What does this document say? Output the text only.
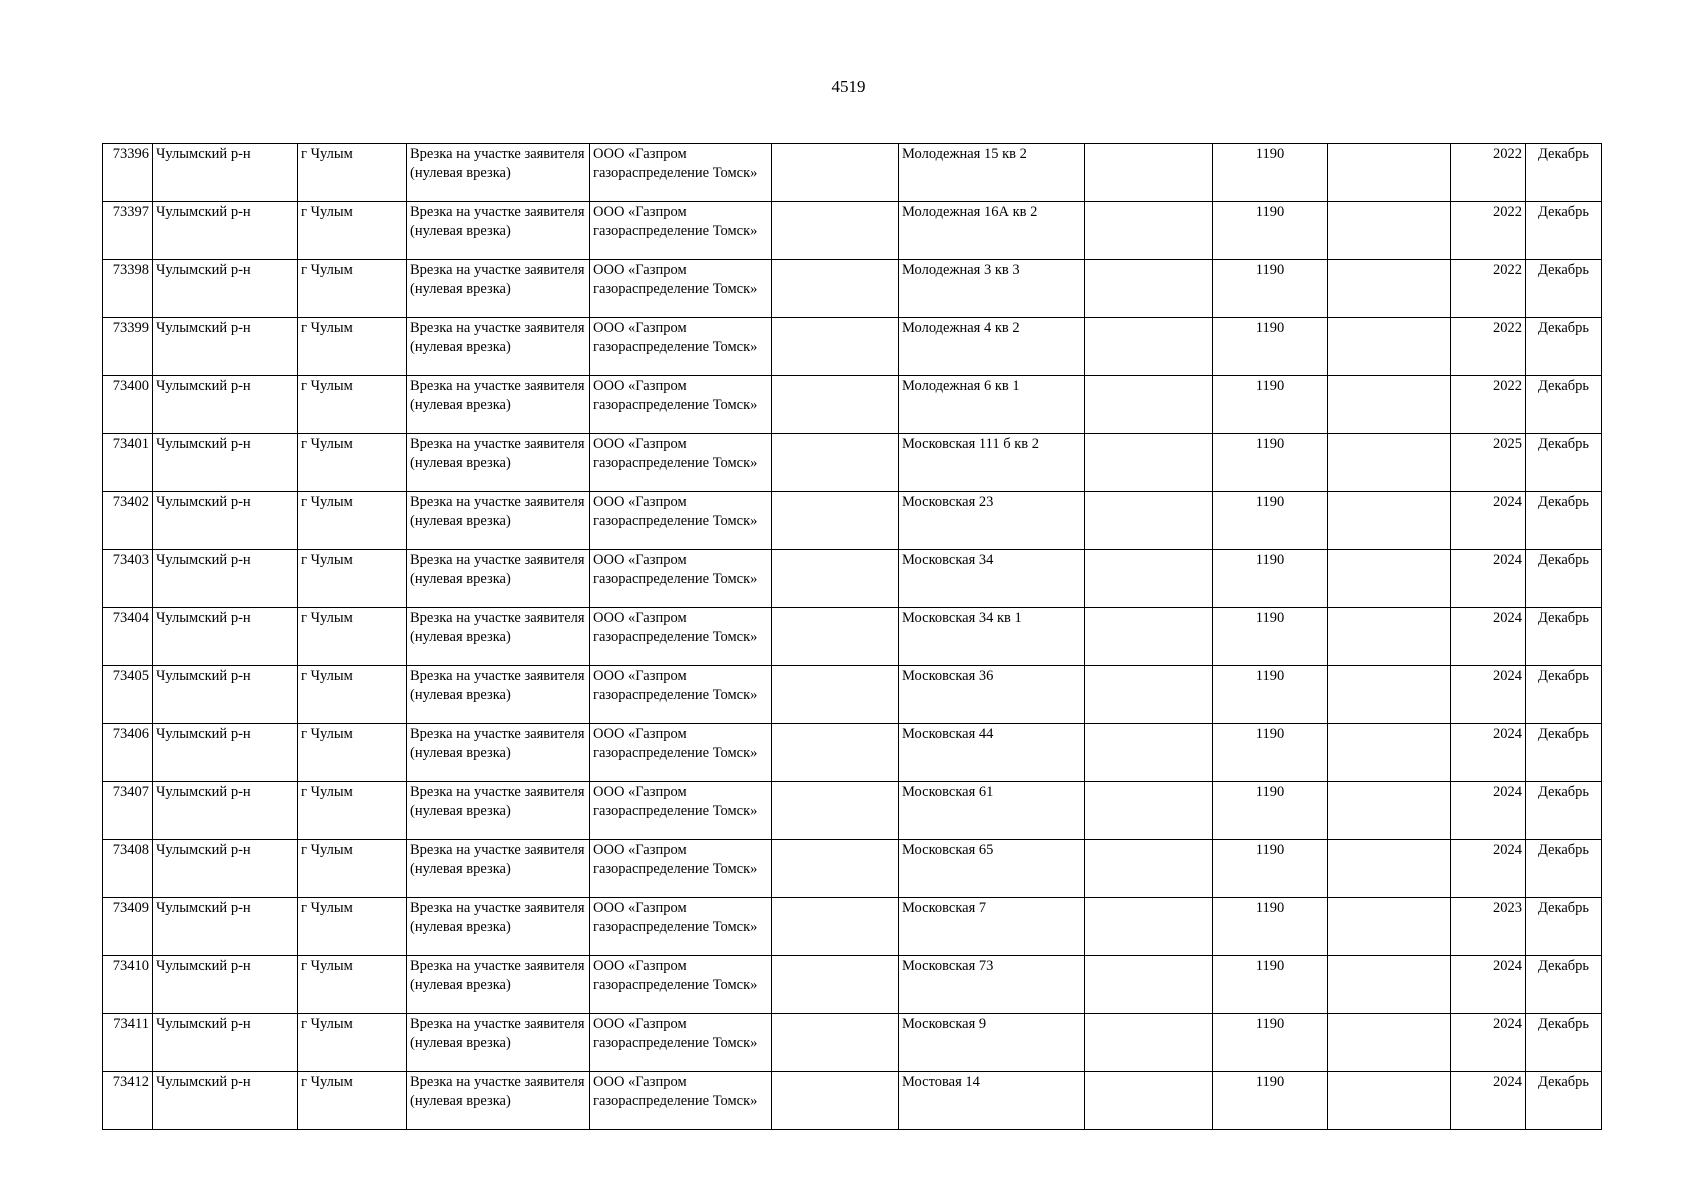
4519
73396	Чулымский р-н	г Чулым	Врезка на участке заявителя (нулевая врезка)	ООО «Газпром газораспределение Томск»		Молодежная 15 кв 2		1190		2022	Декабрь
73397	Чулымский р-н	г Чулым	Врезка на участке заявителя (нулевая врезка)	ООО «Газпром газораспределение Томск»		Молодежная 16А кв 2		1190		2022	Декабрь
73398	Чулымский р-н	г Чулым	Врезка на участке заявителя (нулевая врезка)	ООО «Газпром газораспределение Томск»		Молодежная 3 кв 3		1190		2022	Декабрь
73399	Чулымский р-н	г Чулым	Врезка на участке заявителя (нулевая врезка)	ООО «Газпром газораспределение Томск»		Молодежная 4 кв 2		1190		2022	Декабрь
73400	Чулымский р-н	г Чулым	Врезка на участке заявителя (нулевая врезка)	ООО «Газпром газораспределение Томск»		Молодежная 6 кв 1		1190		2022	Декабрь
73401	Чулымский р-н	г Чулым	Врезка на участке заявителя (нулевая врезка)	ООО «Газпром газораспределение Томск»		Московская 111 б кв 2		1190		2025	Декабрь
73402	Чулымский р-н	г Чулым	Врезка на участке заявителя (нулевая врезка)	ООО «Газпром газораспределение Томск»		Московская 23		1190		2024	Декабрь
73403	Чулымский р-н	г Чулым	Врезка на участке заявителя (нулевая врезка)	ООО «Газпром газораспределение Томск»		Московская 34		1190		2024	Декабрь
73404	Чулымский р-н	г Чулым	Врезка на участке заявителя (нулевая врезка)	ООО «Газпром газораспределение Томск»		Московская 34 кв 1		1190		2024	Декабрь
73405	Чулымский р-н	г Чулым	Врезка на участке заявителя (нулевая врезка)	ООО «Газпром газораспределение Томск»		Московская 36		1190		2024	Декабрь
73406	Чулымский р-н	г Чулым	Врезка на участке заявителя (нулевая врезка)	ООО «Газпром газораспределение Томск»		Московская 44		1190		2024	Декабрь
73407	Чулымский р-н	г Чулым	Врезка на участке заявителя (нулевая врезка)	ООО «Газпром газораспределение Томск»		Московская 61		1190		2024	Декабрь
73408	Чулымский р-н	г Чулым	Врезка на участке заявителя (нулевая врезка)	ООО «Газпром газораспределение Томск»		Московская 65		1190		2024	Декабрь
73409	Чулымский р-н	г Чулым	Врезка на участке заявителя (нулевая врезка)	ООО «Газпром газораспределение Томск»		Московская 7		1190		2023	Декабрь
73410	Чулымский р-н	г Чулым	Врезка на участке заявителя (нулевая врезка)	ООО «Газпром газораспределение Томск»		Московская 73		1190		2024	Декабрь
73411	Чулымский р-н	г Чулым	Врезка на участке заявителя (нулевая врезка)	ООО «Газпром газораспределение Томск»		Московская 9		1190		2024	Декабрь
73412	Чулымский р-н	г Чулым	Врезка на участке заявителя (нулевая врезка)	ООО «Газпром газораспределение Томск»		Мостовая 14		1190		2024	Декабрь
